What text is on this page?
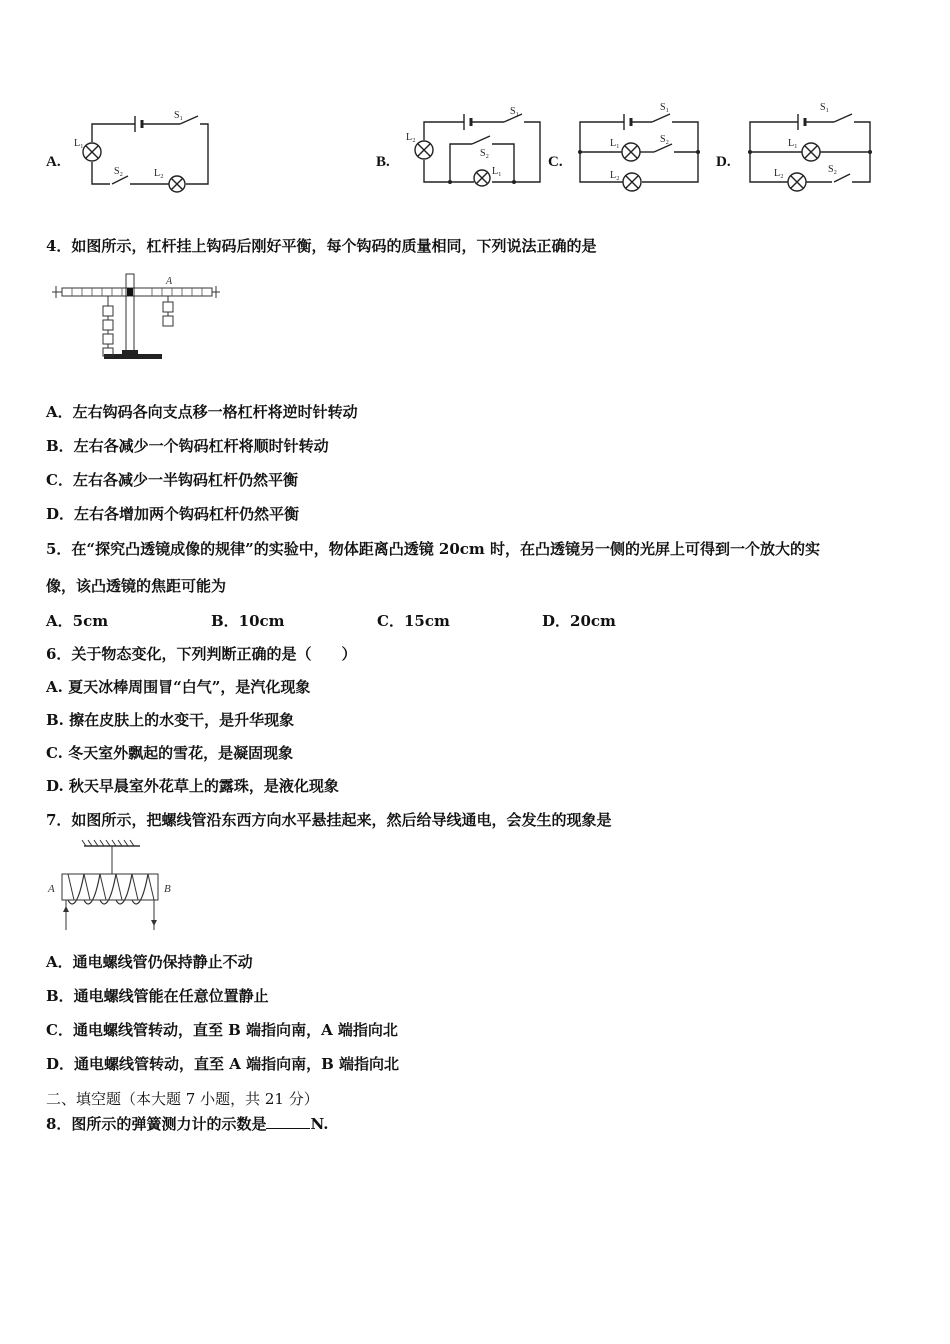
A.	B.	C.	D.
S₁
L₁
S₂	L₂
S₁
L₂
S₂
L₁
S₁
L₁	S₂
L₂
S₁
L₁
L₂	S₂
4．如图所示，杠杆挂上钩码后刚好平衡，每个钩码的质量相同，下列说法正确的是
A
A．左右钩码各向支点移一格杠杆将逆时针转动
B．左右各减少一个钩码杠杆将顺时针转动
C．左右各减少一半钩码杠杆仍然平衡
D．左右各增加两个钩码杠杆仍然平衡
5．在“探究凸透镜成像的规律”的实验中，物体距离凸透镜 20cm 时，在凸透镜另一侧的光屏上可得到一个放大的实
像，该凸透镜的焦距可能为
A．5cm	B．10cm	C．15cm	D．20cm
6．关于物态变化，下列判断正确的是（　　）
A. 夏天冰棒周围冒“白气”，是汽化现象
B. 擦在皮肤上的水变干，是升华现象
C. 冬天室外飘起的雪花，是凝固现象
D. 秋天早晨室外花草上的露珠，是液化现象
7．如图所示，把螺线管沿东西方向水平悬挂起来，然后给导线通电，会发生的现象是
A	B
A．通电螺线管仍保持静止不动
B．通电螺线管能在任意位置静止
C．通电螺线管转动，直至 B 端指向南，A 端指向北
D．通电螺线管转动，直至 A 端指向南，B 端指向北
二、填空题（本大题 7 小题，共 21 分）
8．图所示的弹簧测力计的示数是	N.
